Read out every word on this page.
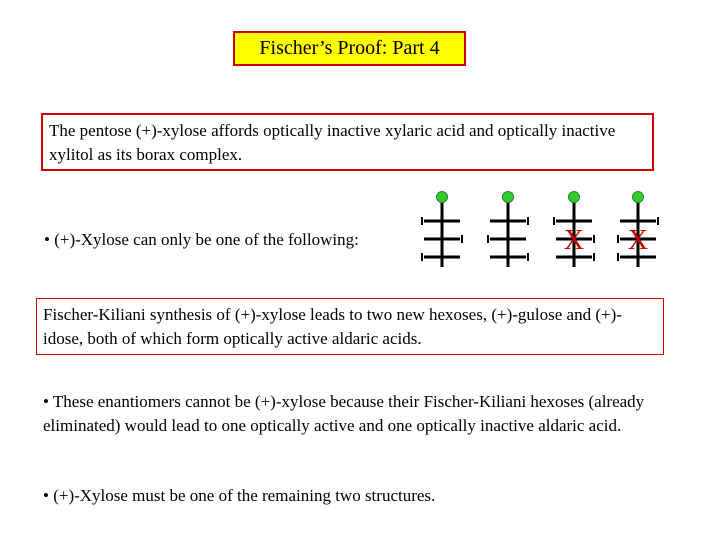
Fischer’s Proof: Part 4
The pentose (+)-xylose affords optically inactive xylaric acid and optically inactive xylitol as its borax complex.
• (+)-Xylose can only be one of the following:	X X
Fischer-Kiliani synthesis of (+)-xylose leads to two new hexoses, (+)-gulose and (+)-idose, both of which form optically active aldaric acids.
• These enantiomers cannot be (+)-xylose because their Fischer-Kiliani hexoses (already eliminated) would lead to one optically active and one optically inactive aldaric acid.
• (+)-Xylose must be one of the remaining two structures.
